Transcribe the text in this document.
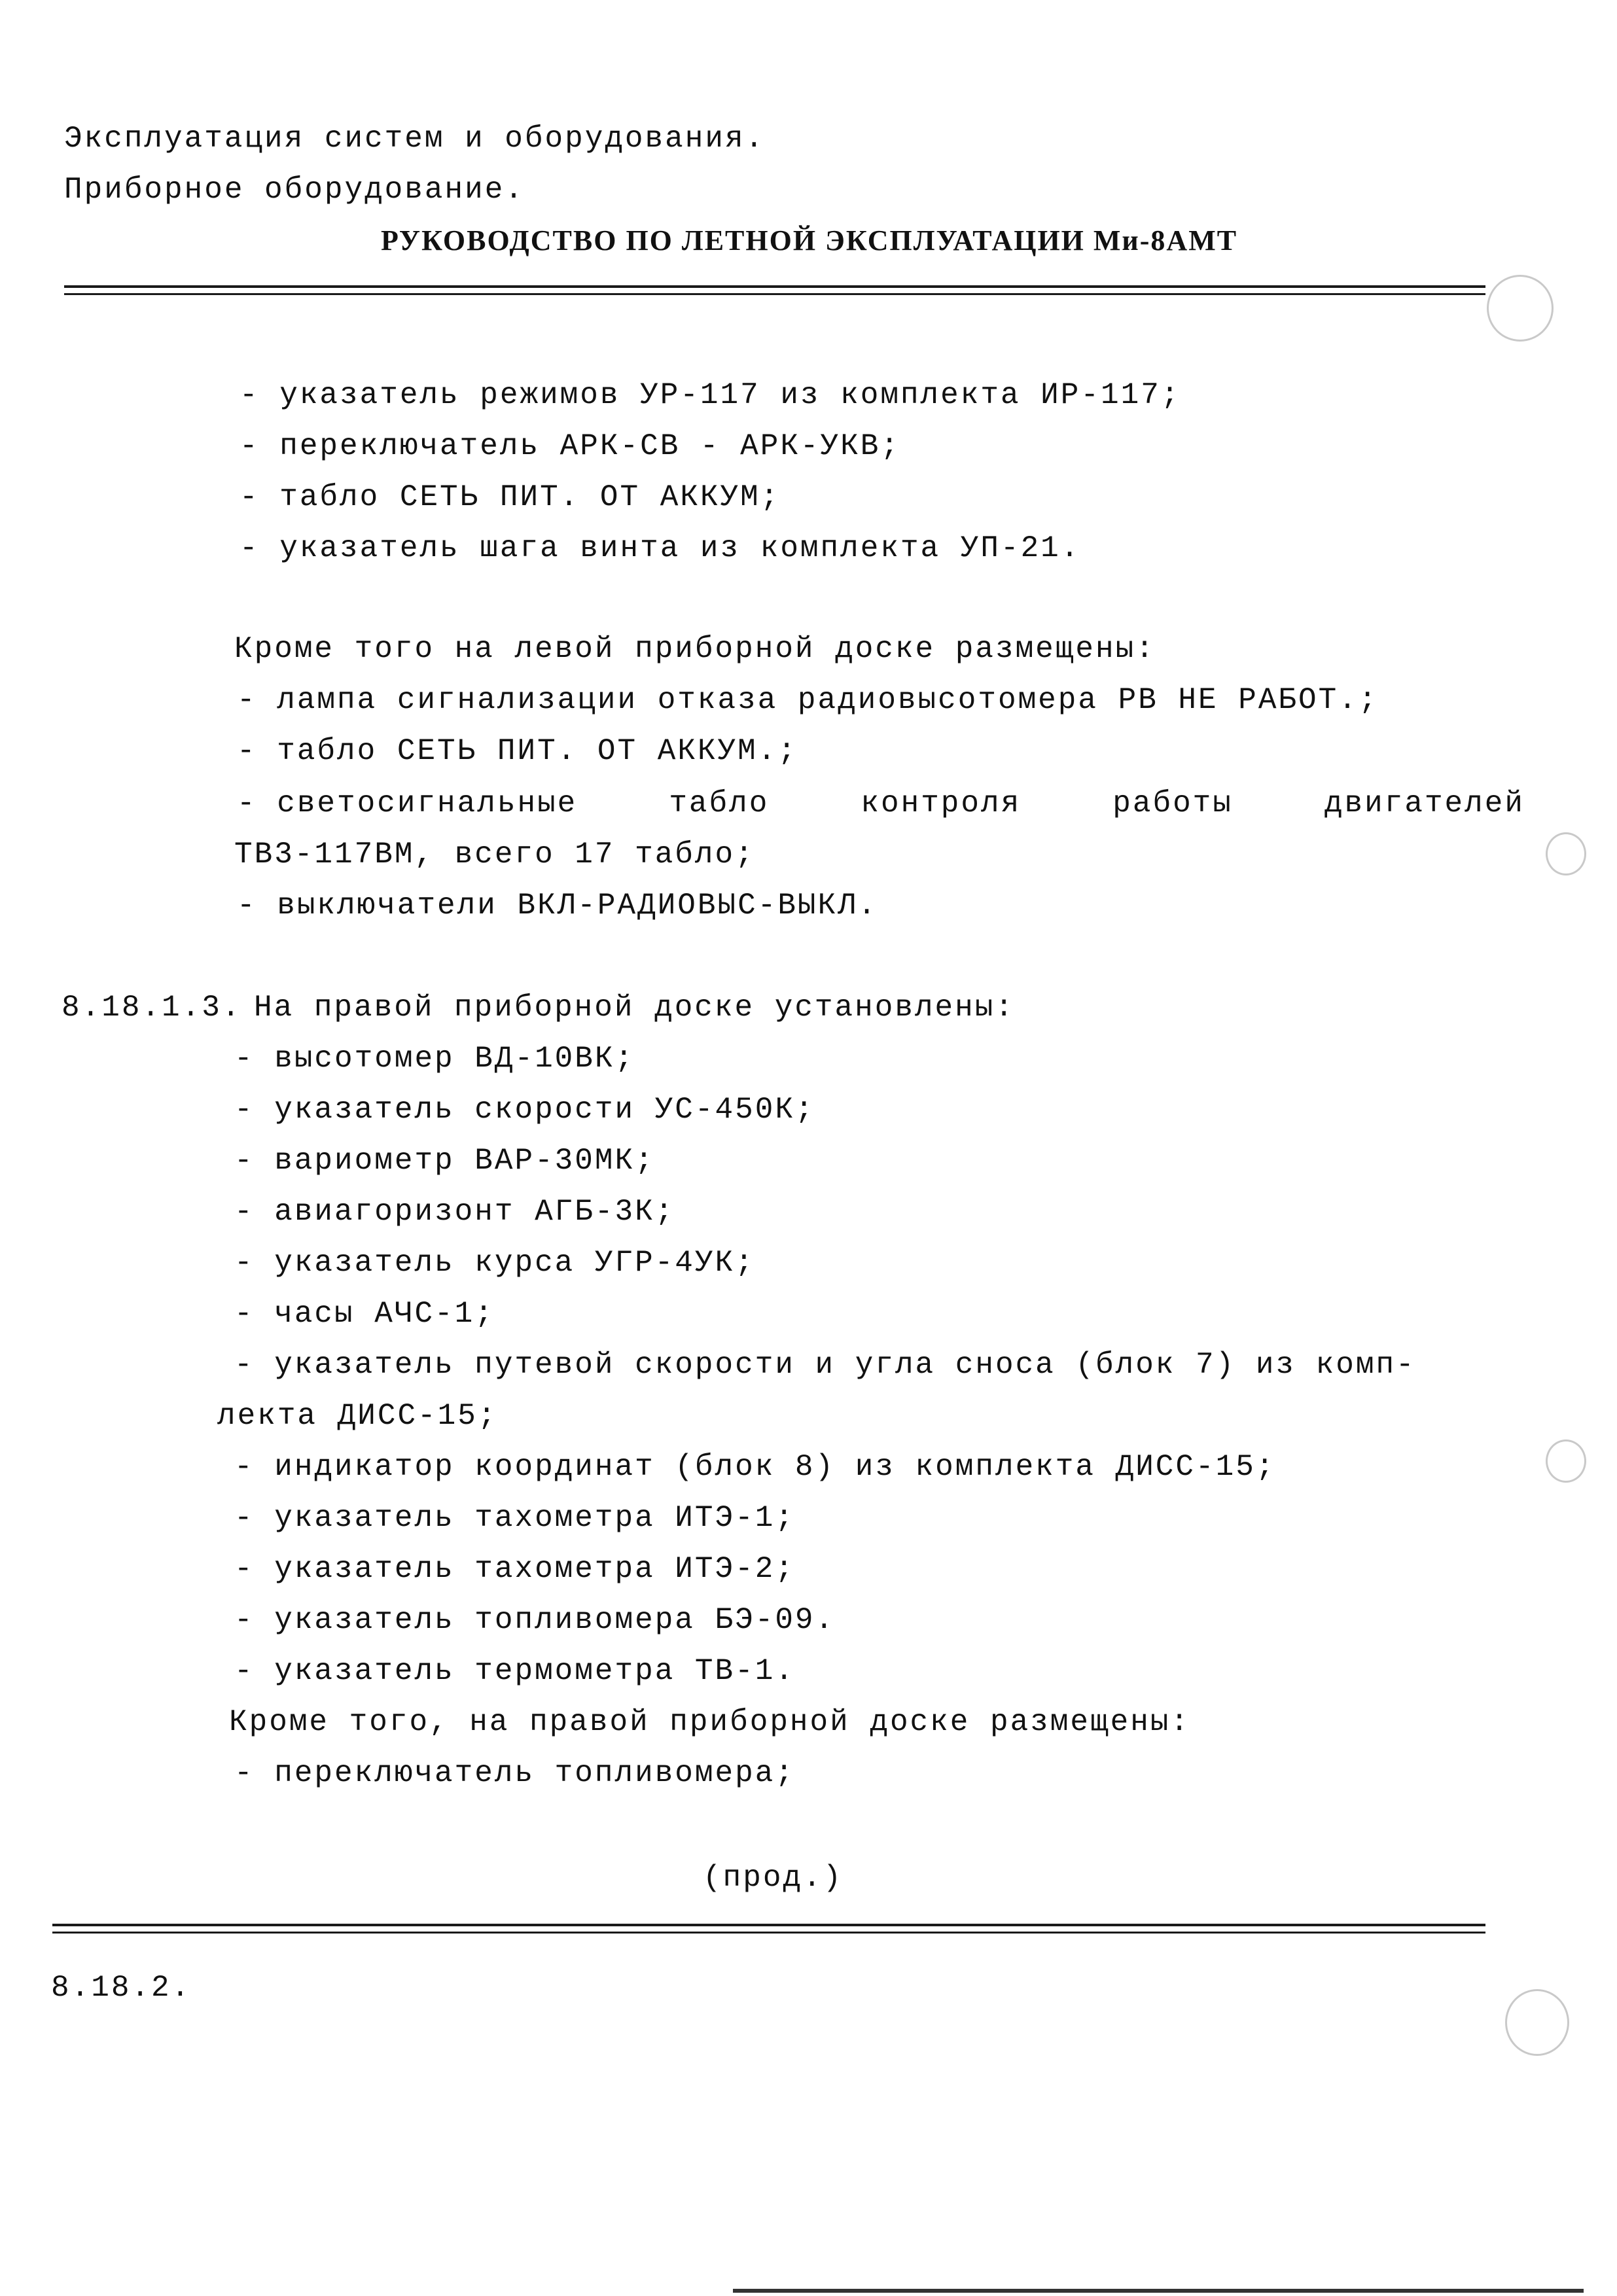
Эксплуатация систем и оборудования.
Приборное оборудование.
РУКОВОДСТВО ПО ЛЕТНОЙ ЭКСПЛУАТАЦИИ Ми-8АМТ
- указатель режимов УР-117 из комплекта ИР-117;
- переключатель АРК-СВ - АРК-УКВ;
- табло СЕТЬ ПИТ. ОТ АККУМ;
- указатель шага винта из комплекта УП-21.
Кроме того на левой приборной доске размещены:
- лампа сигнализации отказа радиовысотомера РВ НЕ РАБОТ.;
- табло СЕТЬ ПИТ. ОТ АККУМ.;
- светосигнальные	табло	контроля	работы	двигателей
ТВ3-117ВМ, всего 17 табло;
- выключатели ВКЛ-РАДИОВЫС-ВЫКЛ.
8.18.1.3. На правой приборной доске установлены:
- высотомер ВД-10ВК;
- указатель скорости УС-450К;
- вариометр ВАР-30МК;
- авиагоризонт АГБ-3К;
- указатель курса УГР-4УК;
- часы АЧС-1;
- указатель путевой скорости и угла сноса (блок 7) из комп-
лекта ДИСС-15;
- индикатор координат (блок 8) из комплекта ДИСС-15;
- указатель тахометра ИТЭ-1;
- указатель тахометра ИТЭ-2;
- указатель топливомера БЭ-09.
- указатель термометра ТВ-1.
Кроме того, на правой приборной доске размещены:
- переключатель топливомера;
(прод.)
8.18.2.
